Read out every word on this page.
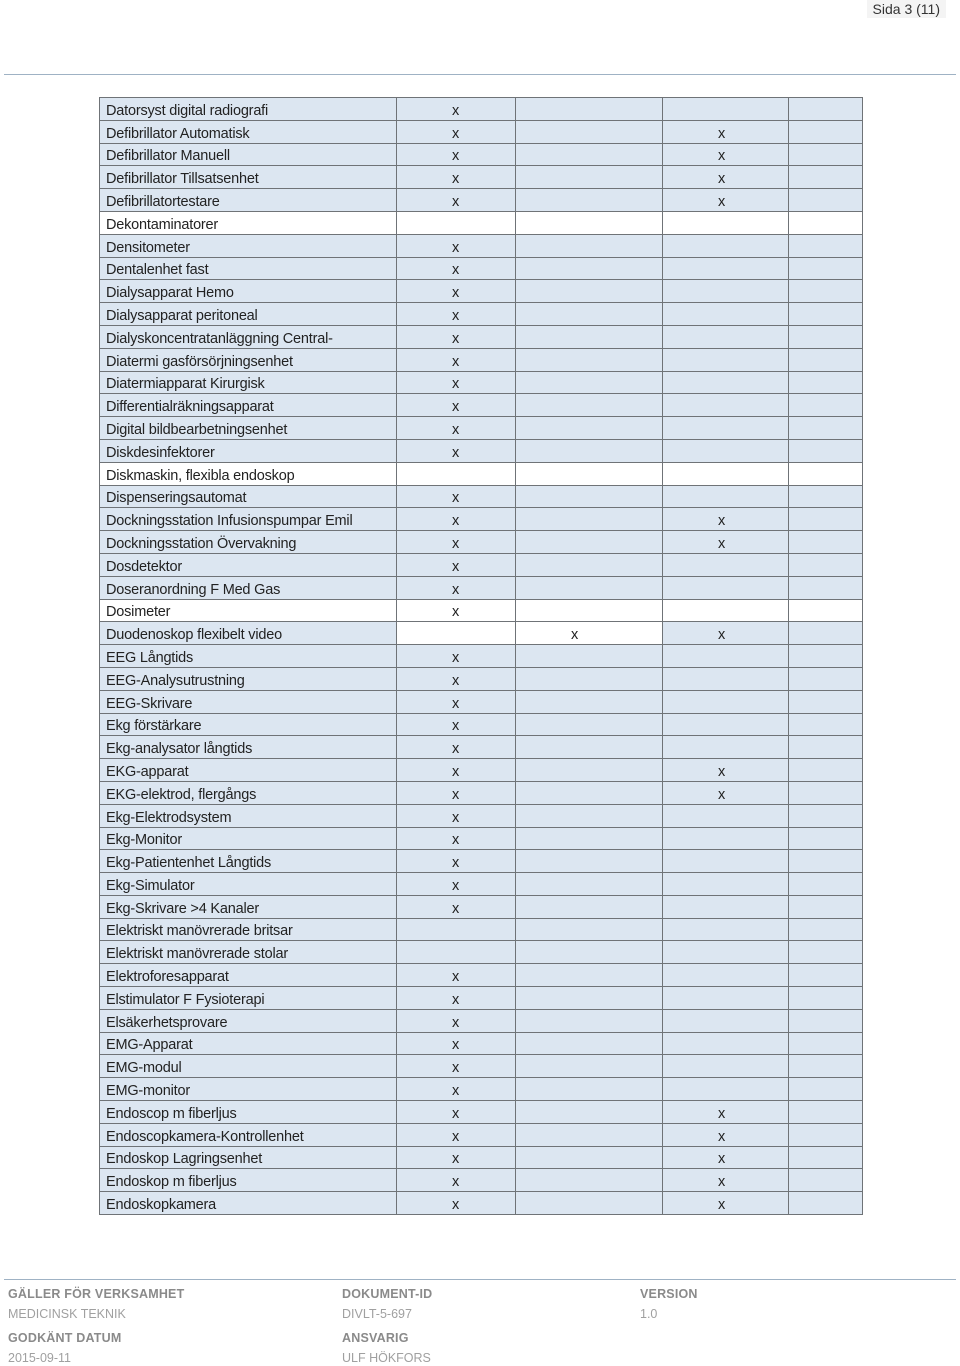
Sida 3 (11)
Datorsyst digital radiografi	x			
Defibrillator Automatisk	x		x	
Defibrillator Manuell	x		x	
Defibrillator Tillsatsenhet	x		x	
Defibrillatortestare	x		x	
Dekontaminatorer				
Densitometer	x			
Dentalenhet fast	x			
Dialysapparat Hemo	x			
Dialysapparat peritoneal	x			
Dialyskoncentratanläggning Central-	x			
Diatermi gasförsörjningsenhet	x			
Diatermiapparat Kirurgisk	x			
Differentialräkningsapparat	x			
Digital bildbearbetningsenhet	x			
Diskdesinfektorer	x			
Diskmaskin, flexibla endoskop				
Dispenseringsautomat	x			
Dockningsstation Infusionspumpar Emil	x		x	
Dockningsstation Övervakning	x		x	
Dosdetektor	x			
Doseranordning F Med Gas	x			
Dosimeter	x			
Duodenoskop flexibelt video		x	x	
EEG Långtids	x			
EEG-Analysutrustning	x			
EEG-Skrivare	x			
Ekg förstärkare	x			
Ekg-analysator långtids	x			
EKG-apparat	x		x	
EKG-elektrod, flergångs	x		x	
Ekg-Elektrodsystem	x			
Ekg-Monitor	x			
Ekg-Patientenhet Långtids	x			
Ekg-Simulator	x			
Ekg-Skrivare >4 Kanaler	x			
Elektriskt manövrerade britsar				
Elektriskt manövrerade stolar				
Elektroforesapparat	x			
Elstimulator F Fysioterapi	x			
Elsäkerhetsprovare	x			
EMG-Apparat	x			
EMG-modul	x			
EMG-monitor	x			
Endoscop m fiberljus	x		x	
Endoscopkamera-Kontrollenhet	x		x	
Endoskop Lagringsenhet	x		x	
Endoskop m fiberljus	x		x	
Endoskopkamera	x		x	
GÄLLER FÖR VERKSAMHET
MEDICINSK TEKNIK
DOKUMENT-ID
DIVLT-5-697
VERSION
1.0
GODKÄNT DATUM
2015-09-11
ANSVARIG
ULF HÖKFORS
